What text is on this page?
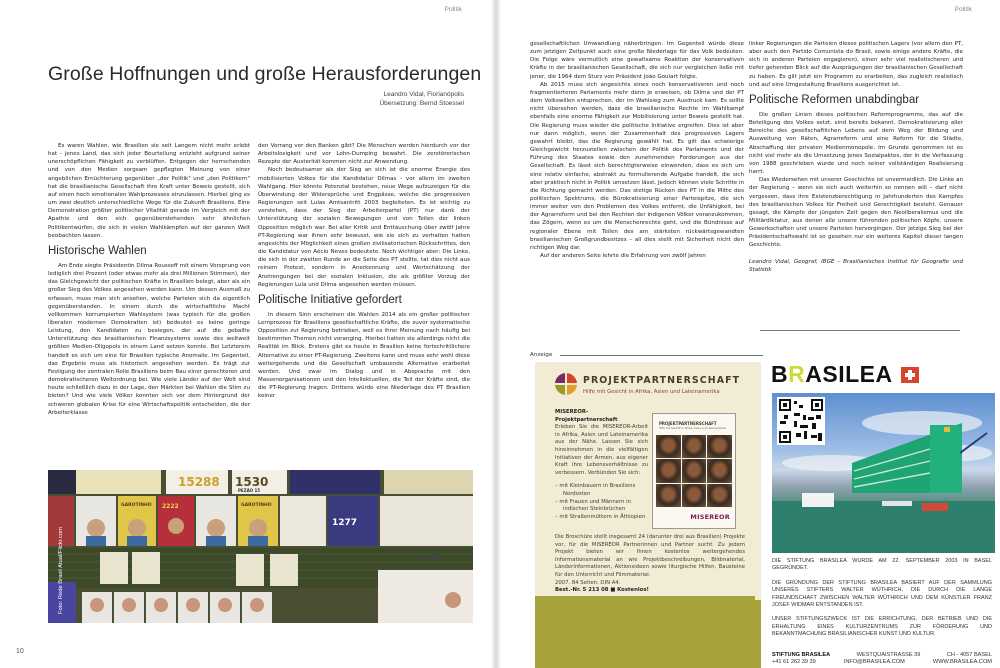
Politik
Große Hoffnungen und große Herausforderungen
Leandro Vidal, Florianópolis
Übersetzung: Bernd Stoessel

Es waren Wahlen, wie Brasilien sie seit Langem nicht mehr erlebt hat - jenes Land, das sich jeder Beurteilung entzieht aufgrund seiner unerschöpflichen Fähigkeit zu verblüffen. Entgegen der herrschenden und von den Medien sorgsam gepflegten Meinung von einer angeblichen Ernüchterung gegenüber „der Politik" und „den Politikern" hat die brasilianische Gesellschaft ihre Kraft unter Beweis gestellt, sich auf einen hoch emotionalen Wahlprozesses einzulassen. Hierbei ging es um zwei deutlich unterschiedliche Wege für die Zukunft Brasiliens. Eine Demonstration größter politischer Vitalität gerade im Vergleich mit der Apathie und den sich gegenüberstehenden sehr ähnlichen Politikentwürfen, die sich in vielen Wahlkämpfen auf der ganzen Welt beobachten lassen.

Historische Wahlen

Am Ende siegte Präsidentin Dilma Rousseff mit einem Vorsprung von lediglich drei Prozent (oder etwas mehr als drei Millionen Stimmen), der das Gleichgewicht der politischen Kräfte in Brasilien belegt, aber als ein großer Sieg des Volkes angesehen werden kann. Um dessen Ausmaß zu erfassen, muss man sich ansehen, welche Parteien sich da eigentlich gegenüberstanden. In einem durch die wirtschaftliche Macht vollkommen korrumpierten Wahlsystem (was typisch für die großen liberalen modernen Demokratien ist) bedeutet es keine geringe Leistung, den Kandidaten zu besiegen, der auf die geballte Unterstützung des brasilianischen Finanzsystems sowie des weltweit größten Medien-Oligopols in einem Land setzen konnte. Bei Letzterem handelt es sich um eine für Brasilien typische Anomalie. Im Gegenteil, das Ergebnis muss als historisch angesehen werden. Es trägt zur Festigung der zentralen Rolle Brasiliens beim Bau einer gerechteren und demokratischeren Weltordnung bei. Wie viele Länder auf der Welt sind heute schließlich dazu in der Lage, den Märkten bei Wahlen die Stim zu bieten? Und wie viele Völker konnten sich vor dem Hintergrund der schweren globalen Krise für eine Wirtschaftspolitik entscheiden, die der Arbeiterklasse

den Vorrang vor den Banken gibt? Die Menschen werden hierdurch vor der Arbeitslosigkeit und vor Lohn-Dumping bewahrt. Die zerstörerischen Rezepte der Austerität kommen nicht zur Anwendung.

Noch bedeutsamer als der Sieg an sich ist die enorme Energie des mobilisierten Volkes für die Kandidatur Dilmas - vor allem im zweiten Wahlgang. Hier könnte Potenzial bestehen, neue Wege aufzuzeigen für die Überwindung der Widersprüche und Engpässe, welche die progressiven Regierungen seit Lulas Amtsantritt 2003 begleiteten. Es ist wichtig zu verstehen, dass der Sieg der Arbeiterpartei (PT) nur dank der Unterstützung der sozialen Bewegungen und von Teilen der linken Opposition möglich war. Bei aller Kritik und Enttäuschung über zwölf Jahre PT-Regierung war ihnen sehr bewusst, wie sie sich zu verhalten hatten angesichts der Möglichkeit eines großen zivilisatorischen Rückschrittes, den die Kandidatur von Aécio Neves bedeutete. Noch wichtiger aber: Die Linke, die sich in der zweiten Runde an die Seite des PT stellte, tat dies nicht aus reinem Protest, sondern in Anerkennung und Wertschätzung der Anstrengungen bei der sozialen Inklusion, die als größter Vorzug der Regierungen Lula und Dilma angesehen werden müssen.

Politische Initiative gefordert

In diesem Sinn erscheinen die Wahlen 2014 als ein großer politischer Lernprozess für Brasiliens gesellschaftliche Kräfte, die zuvor systematische Opposition zur Regierung betrieben, weil es ihrer Meinung nach häufig bei bestimmten Themen nicht voranging. Hierbei hatten sie allerdings nicht die Realität im Blick. Erstens gibt es heute in Brasilien keine fortschrittlichere Alternative zu einer PT-Regierung. Zweitens kann und muss sehr wohl diese weitergehende und die Gesellschaft umbauende Alternative erarbeitet werden. Und zwar im Dialog und in Absprache mit den Massenorganisationen und den Intellektuellen, die Teil der Kräfte sind, die die PT-Regierung tragen. Drittens würde eine Niederlage des PT Brasilien keiner

15288 1530
PEZÃO 15
GAROTINHO 2222	GAROTINHO
1277
1065
Foto: Rede Brasil Atual/Flickr.com
10
Politik

gesellschaftlichen Umwandlung näherbringen. Im Gegenteil würde diese zum jetzigen Zeitpunkt auch eine große Niederlage für das Volk bedeuten. Die Folge wäre vermutlich eine gewaltsame Reaktion der konservativen Kräfte in der brasilianischen Gesellschaft, die sich nur vergleichen ließe mit jener, die 1964 dem Sturz von Präsident João Goulart folgte.

Ab 2015 muss sich angesichts eines noch konservativeren und noch fragmentierteren Parlaments mehr denn je erweisen, ob Dilma und der PT dem Volkswillen entsprechen, der im Wahlsieg zum Ausdruck kam. Es sollte nicht übersehen werden, dass die brasilianische Rechte im Wahlkampf ebenfalls eine enorme Fähigkeit zur Mobilisierung unter Beweis gestellt hat. Die Regierung muss wieder die politische Initiative ergreifen. Dies ist aber nur dann möglich, wenn der Zusammenhalt des progressiven Lagers gewahrt bleibt, das die Regierung gewählt hat. Es gilt das schwierige Gleichgewicht herzustellen zwischen der Politik des Parlaments und der Führung des Staates sowie den zunehmenden Forderungen aus der Gesellschaft. Es lässt sich berechtigterweise einwenden, dass es sich um eine relativ einfache, abstrakt zu formulierende Aufgabe handelt, die sich aber praktisch nicht in Politik umsetzen lässt. Jedoch können viele Schritte in die Richtung gemacht werden. Das stetige Rücken des PT in die Mitte des politischen Spektrums, die Bürokratisierung einer Parteispitze, die sich immer weiter von den Problemen des Volkes entfernt, die Unfähigkeit, bei der Agrarreform und bei den Rechten der indigenen Völker voranzukommen, das Zögern, wenn es um die Menschenrechte geht, und die Bündnisse auf regionaler Ebene mit Teilen des am stärksten rückwärtsgewandten brasilianischen Großgrundbesitzes – all dies stellt mit Sicherheit nicht den richtigen Weg dar.

Auf der anderen Seite lehrte die Erfahrung von zwölf Jahren

linker Regierungen die Parteien dieses politischen Lagers (vor allem den PT, aber auch den Partido Comunista do Brasil, sowie einige andere Kräfte, die sich in anderen Parteien engagieren), einen sehr viel realistischeren und tiefer gehenden Blick auf die Ausprägungen der brasilianischen Gesellschaft zu haben. Es gilt jetzt ein Programm zu erarbeiten, das zugleich realistisch und auf eine Umgestaltung Brasiliens ausgerichtet ist.

Politische Reformen unabdingbar

Die großen Linien dieses politischen Reformprogramms, das auf die Beteiligung des Volkes setzt, sind bereits bekannt. Demokratisierung aller Bereiche des gesellschaftlichen Lebens auf dem Weg der Bildung und Ausweitung von Räten, Agrarreform und eine Reform für die Städte, Abschaffung der privaten Medienmonopole. Im Grunde genommen ist es nicht viel mehr als die Umsetzung jenes Sozialpaktes, der in die Verfassung von 1988 geschrieben wurde und noch seiner vollständigen Realisierung harrt.

Das Wiedersehen mit unserer Geschichte ist unvermeidlich. Die Linke an der Regierung – wenn sie sich auch weiterhin so nennen will – darf nicht vergessen, dass ihre Existenzberechtigung in Jahrhunderten des Kampfes des brasilianischen Volkes für Freiheit und Gerechtigkeit besteht. Genauer gesagt, die Kämpfe der jüngsten Zeit gegen den Neoliberalismus und die Militärdiktatur, aus denen alle unsere führenden politischen Köpfe, unsere Gewerkschaften und unsere Parteien hervorgingen. Der jetzige Sieg bei der Präsidentschaftswahl ist so gesehen nur ein weiteres Kapitel dieser langen Geschichte.

Leandro Vidal, Geograf, IBGE - Brasilianisches Institut für Geografie und Statistik

Anzeige
PROJEKTPARTNERSCHAFT
Hilfe mit Gesicht in Afrika, Asien und Lateinamerika
MISEREOR-Projektpartnerschaft
Erleben Sie die MISEREOR-Arbeit in Afrika, Asien und Lateinamerika aus der Nähe. Lassen Sie sich hineinnehmen in die vielfältigen Initiativen der Armen, aus eigener Kraft ihre Lebensverhältnisse zu verbessern. Verbünden Sie sich:
– mit Kleinbauern in Brasiliens Nordosten
– mit Frauen und Männern in indischen Steinbrüchen
– mit Straßenmüttern in Äthiopien
PROJEKTPARTNERSCHAFT
Hilfe mit Gesicht in Afrika, Asien und Lateinamerika
MISEREOR

Die Broschüre stellt insgesamt 24 (darunter drei aus Brasilien) Projekte vor, für die MISEREOR Partnerinnen und Partner sucht. Zu jedem Projekt bieten wir Ihnen kostenlos weitergehendes Informationsmaterial an wie Projektbeschreibungen, Bildmaterial, Länderinformationen, Aktionsideen sowie liturgische Hilfen, Bausteine für den Unterricht und Filmmaterial.

2007. 84 Seiten. DIN A4.

Best.-Nr. 5 213 08 ■ Kostenlos!

BRASILEA

DIE STIFTUNG BRASILEA WURDE AM 22. SEPTEMBER 2003 IN BASEL GEGRÜNDET.

DIE GRÜNDUNG DER STIFTUNG BRASILEA BASIERT AUF DER SAMMLUNG UNSERES STIFTERS WALTER WÜTHRICH, DIE DURCH DIE LANGE FREUNDSCHAFT ZWISCHEN WALTER WÜTHRICH UND DEM KÜNSTLER FRANZ JOSEF WIDMAR ENTSTANDEN IST.

UNSER STIFTUNGSZWECK IST DIE ERRICHTUNG, DER BETRIEB UND DIE ERHALTUNG EINES KULTURZENTRUMS ZUR FÖRDERUNG UND BEKANNTMACHUNG BRASILIANISCHER KUNST UND KULTUR.

STIFTUNG BRASILEA	WESTQUAISTRASSE 39	CH - 4057 BASEL
+41 61 262 39 39	INFO@BRASILEA.COM	WWW.BRASILEA.COM
